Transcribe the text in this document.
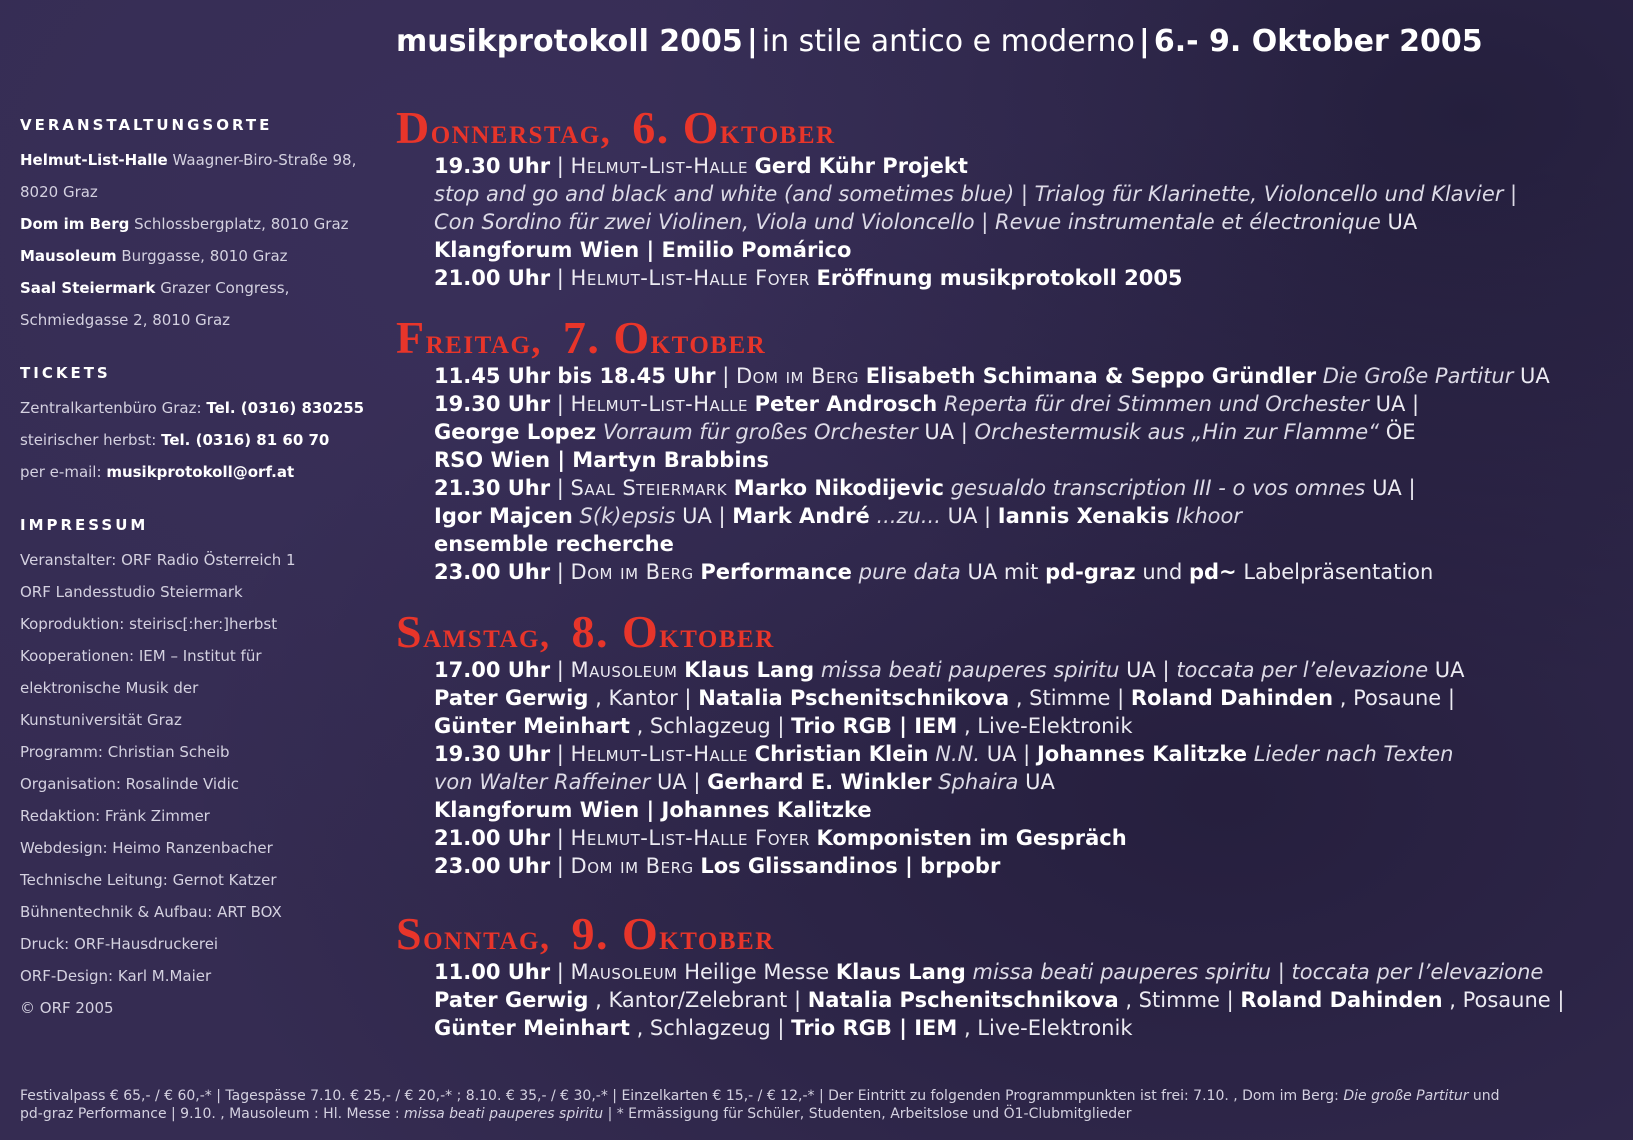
musikprotokoll 2005 | in stile antico e moderno | 6.- 9. Oktober 2005
VERANSTALTUNGSORTE
Helmut-List-Halle Waagner-Biro-Straße 98,
8020 Graz
Dom im Berg Schlossbergplatz, 8010 Graz
Mausoleum Burggasse, 8010 Graz
Saal Steiermark Grazer Congress,
Schmiedgasse 2, 8010 Graz
TICKETS
Zentralkartenbüro Graz: Tel. (0316) 830255
steirischer herbst: Tel. (0316) 81 60 70
per e-mail: musikprotokoll@orf.at
IMPRESSUM
Veranstalter: ORF Radio Österreich 1
ORF Landesstudio Steiermark
Koproduktion: steirisc[:her:]herbst
Kooperationen: IEM – Institut für
elektronische Musik der
Kunstuniversität Graz
Programm: Christian Scheib
Organisation: Rosalinde Vidic
Redaktion: Fränk Zimmer
Webdesign: Heimo Ranzenbacher
Technische Leitung: Gernot Katzer
Bühnentechnik & Aufbau: ART BOX
Druck: ORF-Hausdruckerei
ORF-Design: Karl M.Maier
© ORF 2005
Donnerstag, 6. Oktober
19.30 Uhr | Helmut-List-Halle Gerd Kühr Projekt
stop and go and black and white (and sometimes blue) | Trialog für Klarinette, Violoncello und Klavier |
Con Sordino für zwei Violinen, Viola und Violoncello | Revue instrumentale et électronique UA
Klangforum Wien | Emilio Pomárico
21.00 Uhr | Helmut-List-Halle Foyer Eröffnung musikprotokoll 2005
Freitag, 7. Oktober
11.45 Uhr bis 18.45 Uhr | Dom im Berg Elisabeth Schimana & Seppo Gründler Die Große Partitur UA
19.30 Uhr | Helmut-List-Halle Peter Androsch Reperta für drei Stimmen und Orchester UA |
George Lopez Vorraum für großes Orchester UA | Orchestermusik aus „Hin zur Flamme“ ÖE
RSO Wien | Martyn Brabbins
21.30 Uhr | Saal Steiermark Marko Nikodijevic gesualdo transcription III - o vos omnes UA |
Igor Majcen S(k)epsis UA | Mark André ...zu... UA | Iannis Xenakis Ikhoor
ensemble recherche
23.00 Uhr | Dom im Berg Performance pure data UA mit pd-graz und pd~ Labelpräsentation
Samstag, 8. Oktober
17.00 Uhr | Mausoleum Klaus Lang missa beati pauperes spiritu UA | toccata per l’elevazione UA
Pater Gerwig , Kantor | Natalia Pschenitschnikova , Stimme | Roland Dahinden , Posaune |
Günter Meinhart , Schlagzeug | Trio RGB | IEM , Live-Elektronik
19.30 Uhr | Helmut-List-Halle Christian Klein N.N. UA | Johannes Kalitzke Lieder nach Texten
von Walter Raffeiner UA | Gerhard E. Winkler Sphaira UA
Klangforum Wien | Johannes Kalitzke
21.00 Uhr | Helmut-List-Halle Foyer Komponisten im Gespräch
23.00 Uhr | Dom im Berg Los Glissandinos | brpobr
Sonntag, 9. Oktober
11.00 Uhr | Mausoleum Heilige Messe Klaus Lang missa beati pauperes spiritu | toccata per l’elevazione
Pater Gerwig , Kantor/Zelebrant | Natalia Pschenitschnikova , Stimme | Roland Dahinden , Posaune |
Günter Meinhart , Schlagzeug | Trio RGB | IEM , Live-Elektronik
Festivalpass € 65,- / € 60,-* | Tagespässe 7.10. € 25,- / € 20,-* ; 8.10. € 35,- / € 30,-* | Einzelkarten € 15,- / € 12,-* | Der Eintritt zu folgenden Programmpunkten ist frei: 7.10. , Dom im Berg: Die große Partitur und
pd-graz Performance | 9.10. , Mausoleum : Hl. Messe : missa beati pauperes spiritu | * Ermässigung für Schüler, Studenten, Arbeitslose und Ö1-Clubmitglieder
